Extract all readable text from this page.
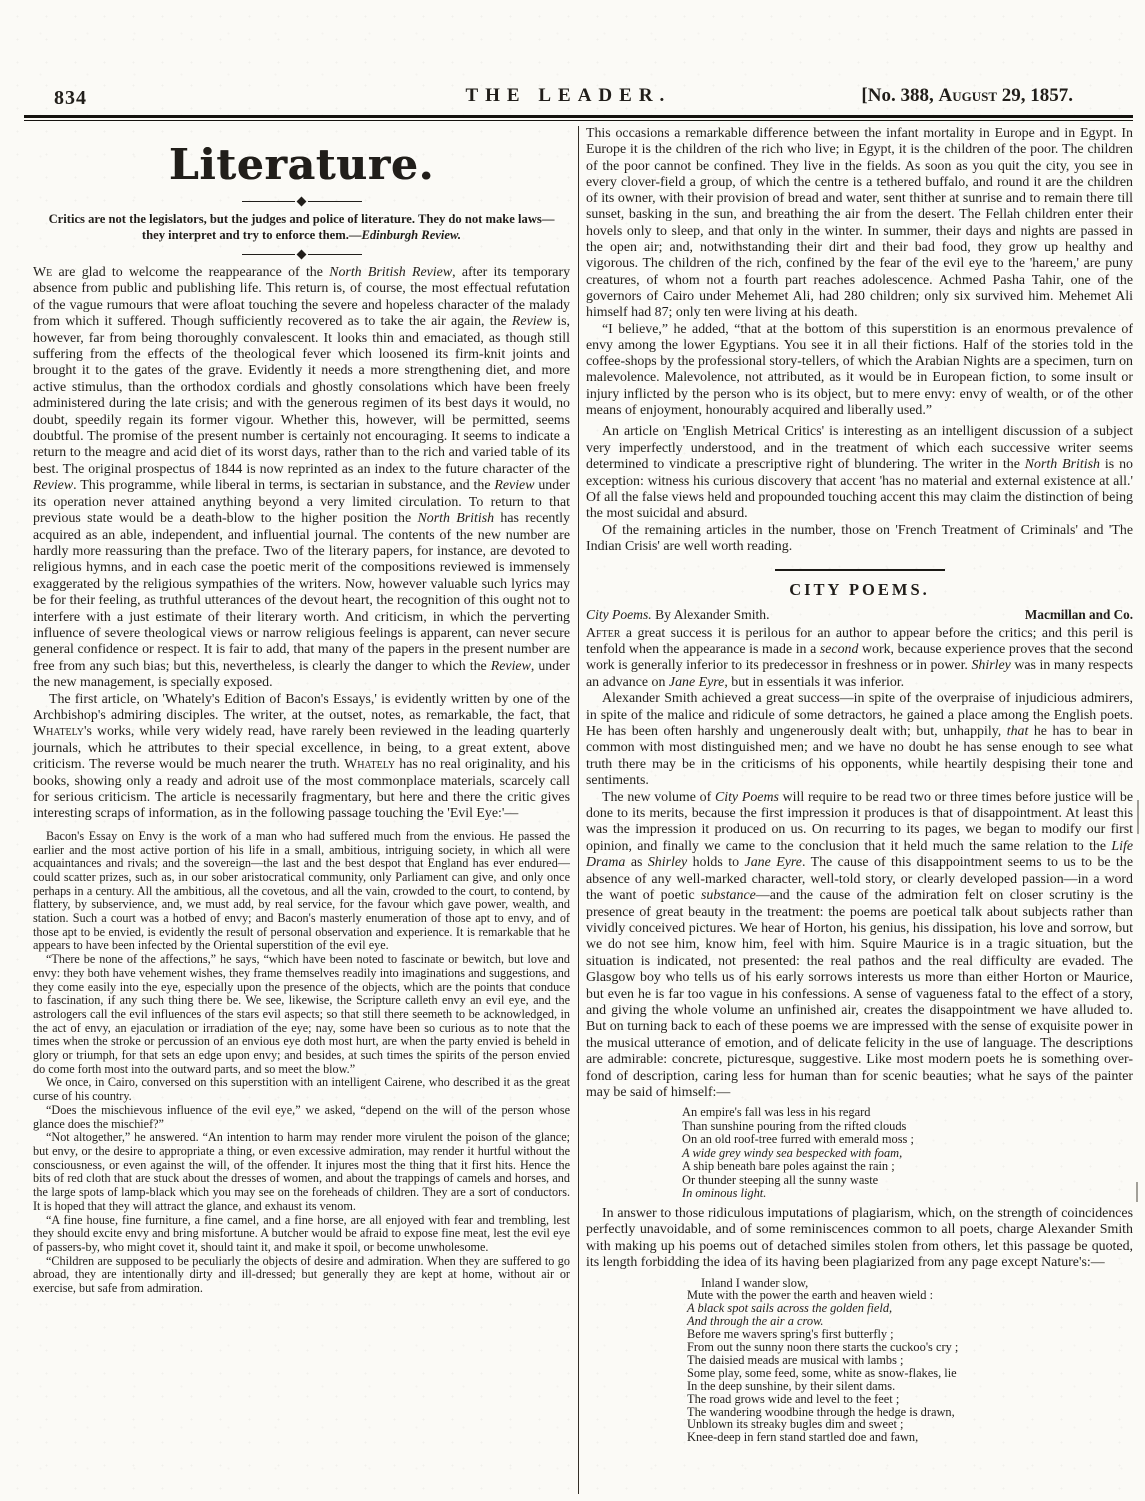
834	THE LEADER.	[No. 388, August 29, 1857.
Literature.

Critics are not the legislators, but the judges and police of literature. They do not make laws—they interpret and try to enforce them.—Edinburgh Review.

We are glad to welcome the reappearance of the North British Review, after its temporary absence from public and publishing life. This return is, of course, the most effectual refutation of the vague rumours that were afloat touching the severe and hopeless character of the malady from which it suffered. Though sufficiently recovered as to take the air again, the Review is, however, far from being thoroughly convalescent. It looks thin and emaciated, as though still suffering from the effects of the theological fever which loosened its firm-knit joints and brought it to the gates of the grave. Evidently it needs a more strengthening diet, and more active stimulus, than the orthodox cordials and ghostly consolations which have been freely administered during the late crisis; and with the generous regimen of its best days it would, no doubt, speedily regain its former vigour. Whether this, however, will be permitted, seems doubtful. The promise of the present number is certainly not encouraging. It seems to indicate a return to the meagre and acid diet of its worst days, rather than to the rich and varied table of its best. The original prospectus of 1844 is now reprinted as an index to the future character of the Review. This programme, while liberal in terms, is sectarian in substance, and the Review under its operation never attained anything beyond a very limited circulation. To return to that previous state would be a death-blow to the higher position the North British has recently acquired as an able, independent, and influential journal. The contents of the new number are hardly more reassuring than the preface. Two of the literary papers, for instance, are devoted to religious hymns, and in each case the poetic merit of the compositions reviewed is immensely exaggerated by the religious sympathies of the writers. Now, however valuable such lyrics may be for their feeling, as truthful utterances of the devout heart, the recognition of this ought not to interfere with a just estimate of their literary worth. And criticism, in which the perverting influence of severe theological views or narrow religious feelings is apparent, can never secure general confidence or respect. It is fair to add, that many of the papers in the present number are free from any such bias; but this, nevertheless, is clearly the danger to which the Review, under the new management, is specially exposed.

The first article, on 'Whately's Edition of Bacon's Essays,' is evidently written by one of the Archbishop's admiring disciples. The writer, at the outset, notes, as remarkable, the fact, that Whately's works, while very widely read, have rarely been reviewed in the leading quarterly journals, which he attributes to their special excellence, in being, to a great extent, above criticism. The reverse would be much nearer the truth. Whately has no real originality, and his books, showing only a ready and adroit use of the most commonplace materials, scarcely call for serious criticism. The article is necessarily fragmentary, but here and there the critic gives interesting scraps of information, as in the following passage touching the 'Evil Eye:'—

Bacon's Essay on Envy is the work of a man who had suffered much from the envious. He passed the earlier and the most active portion of his life in a small, ambitious, intriguing society, in which all were acquaintances and rivals; and the sovereign—the last and the best despot that England has ever endured—could scatter prizes, such as, in our sober aristocratical community, only Parliament can give, and only once perhaps in a century. All the ambitious, all the covetous, and all the vain, crowded to the court, to contend, by flattery, by subservience, and, we must add, by real service, for the favour which gave power, wealth, and station. Such a court was a hotbed of envy; and Bacon's masterly enumeration of those apt to envy, and of those apt to be envied, is evidently the result of personal observation and experience. It is remarkable that he appears to have been infected by the Oriental superstition of the evil eye.

“There be none of the affections,” he says, “which have been noted to fascinate or bewitch, but love and envy: they both have vehement wishes, they frame themselves readily into imaginations and suggestions, and they come easily into the eye, especially upon the presence of the objects, which are the points that conduce to fascination, if any such thing there be. We see, likewise, the Scripture calleth envy an evil eye, and the astrologers call the evil influences of the stars evil aspects; so that still there seemeth to be acknowledged, in the act of envy, an ejaculation or irradiation of the eye; nay, some have been so curious as to note that the times when the stroke or percussion of an envious eye doth most hurt, are when the party envied is beheld in glory or triumph, for that sets an edge upon envy; and besides, at such times the spirits of the person envied do come forth most into the outward parts, and so meet the blow.”

We once, in Cairo, conversed on this superstition with an intelligent Cairene, who described it as the great curse of his country.

“Does the mischievous influence of the evil eye,” we asked, “depend on the will of the person whose glance does the mischief?”

“Not altogether,” he answered. “An intention to harm may render more virulent the poison of the glance; but envy, or the desire to appropriate a thing, or even excessive admiration, may render it hurtful without the consciousness, or even against the will, of the offender. It injures most the thing that it first hits. Hence the bits of red cloth that are stuck about the dresses of women, and about the trappings of camels and horses, and the large spots of lamp-black which you may see on the foreheads of children. They are a sort of conductors. It is hoped that they will attract the glance, and exhaust its venom.

“A fine house, fine furniture, a fine camel, and a fine horse, are all enjoyed with fear and trembling, lest they should excite envy and bring misfortune. A butcher would be afraid to expose fine meat, lest the evil eye of passers-by, who might covet it, should taint it, and make it spoil, or become unwholesome.

“Children are supposed to be peculiarly the objects of desire and admiration. When they are suffered to go abroad, they are intentionally dirty and ill-dressed; but generally they are kept at home, without air or exercise, but safe from admiration.

This occasions a remarkable difference between the infant mortality in Europe and in Egypt. In Europe it is the children of the rich who live; in Egypt, it is the children of the poor. The children of the poor cannot be confined. They live in the fields. As soon as you quit the city, you see in every clover-field a group, of which the centre is a tethered buffalo, and round it are the children of its owner, with their provision of bread and water, sent thither at sunrise and to remain there till sunset, basking in the sun, and breathing the air from the desert. The Fellah children enter their hovels only to sleep, and that only in the winter. In summer, their days and nights are passed in the open air; and, notwithstanding their dirt and their bad food, they grow up healthy and vigorous. The children of the rich, confined by the fear of the evil eye to the 'hareem,' are puny creatures, of whom not a fourth part reaches adolescence. Achmed Pasha Tahir, one of the governors of Cairo under Mehemet Ali, had 280 children; only six survived him. Mehemet Ali himself had 87; only ten were living at his death.

“I believe,” he added, “that at the bottom of this superstition is an enormous prevalence of envy among the lower Egyptians. You see it in all their fictions. Half of the stories told in the coffee-shops by the professional story-tellers, of which the Arabian Nights are a specimen, turn on malevolence. Malevolence, not attributed, as it would be in European fiction, to some insult or injury inflicted by the person who is its object, but to mere envy: envy of wealth, or of the other means of enjoyment, honourably acquired and liberally used.”

An article on 'English Metrical Critics' is interesting as an intelligent discussion of a subject very imperfectly understood, and in the treatment of which each successive writer seems determined to vindicate a prescriptive right of blundering. The writer in the North British is no exception: witness his curious discovery that accent 'has no material and external existence at all.' Of all the false views held and propounded touching accent this may claim the distinction of being the most suicidal and absurd.

Of the remaining articles in the number, those on 'French Treatment of Criminals' and 'The Indian Crisis' are well worth reading.

CITY POEMS.
City Poems. By Alexander Smith.	Macmillan and Co.

After a great success it is perilous for an author to appear before the critics; and this peril is tenfold when the appearance is made in a second work, because experience proves that the second work is generally inferior to its predecessor in freshness or in power. Shirley was in many respects an advance on Jane Eyre, but in essentials it was inferior.

Alexander Smith achieved a great success—in spite of the overpraise of injudicious admirers, in spite of the malice and ridicule of some detractors, he gained a place among the English poets. He has been often harshly and ungenerously dealt with; but, unhappily, that he has to bear in common with most distinguished men; and we have no doubt he has sense enough to see what truth there may be in the criticisms of his opponents, while heartily despising their tone and sentiments.

The new volume of City Poems will require to be read two or three times before justice will be done to its merits, because the first impression it produces is that of disappointment. At least this was the impression it produced on us. On recurring to its pages, we began to modify our first opinion, and finally we came to the conclusion that it held much the same relation to the Life Drama as Shirley holds to Jane Eyre. The cause of this disappointment seems to us to be the absence of any well-marked character, well-told story, or clearly developed passion—in a word the want of poetic substance—and the cause of the admiration felt on closer scrutiny is the presence of great beauty in the treatment: the poems are poetical talk about subjects rather than vividly conceived pictures. We hear of Horton, his genius, his dissipation, his love and sorrow, but we do not see him, know him, feel with him. Squire Maurice is in a tragic situation, but the situation is indicated, not presented: the real pathos and the real difficulty are evaded. The Glasgow boy who tells us of his early sorrows interests us more than either Horton or Maurice, but even he is far too vague in his confessions. A sense of vagueness fatal to the effect of a story, and giving the whole volume an unfinished air, creates the disappointment we have alluded to. But on turning back to each of these poems we are impressed with the sense of exquisite power in the musical utterance of emotion, and of delicate felicity in the use of language. The descriptions are admirable: concrete, picturesque, suggestive. Like most modern poets he is something over-fond of description, caring less for human than for scenic beauties; what he says of the painter may be said of himself:—

An empire's fall was less in his regard
Than sunshine pouring from the rifted clouds
On an old roof-tree furred with emerald moss ;
A wide grey windy sea bespecked with foam,
A ship beneath bare poles against the rain ;
Or thunder steeping all the sunny waste
In ominous light.

In answer to those ridiculous imputations of plagiarism, which, on the strength of coincidences perfectly unavoidable, and of some reminiscences common to all poets, charge Alexander Smith with making up his poems out of detached similes stolen from others, let this passage be quoted, its length forbidding the idea of its having been plagiarized from any page except Nature's:—

Inland I wander slow,
Mute with the power the earth and heaven wield :
A black spot sails across the golden field,
And through the air a crow.
Before me wavers spring's first butterfly ;
From out the sunny noon there starts the cuckoo's cry ;
The daisied meads are musical with lambs ;
Some play, some feed, some, white as snow-flakes, lie
In the deep sunshine, by their silent dams.
The road grows wide and level to the feet ;
The wandering woodbine through the hedge is drawn,
Unblown its streaky bugles dim and sweet ;
Knee-deep in fern stand startled doe and fawn,
